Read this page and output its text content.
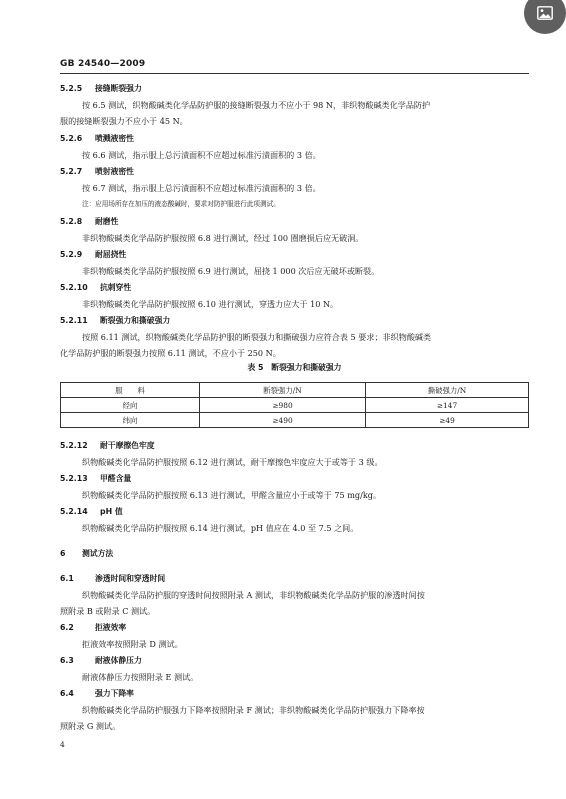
GB 24540—2009
5.2.5 接缝断裂强力
按 6.5 测试，织物酸碱类化学品防护服的接缝断裂强力不应小于 98 N，非织物酸碱类化学品防护
服的接缝断裂强力不应小于 45 N。
5.2.6 喷溅液密性
按 6.6 测试，指示服上总污渍面积不应超过标准污渍面积的 3 倍。
5.2.7 喷射液密性
按 6.7 测试，指示服上总污渍面积不应超过标准污渍面积的 3 倍。
注：应用场所存在加压的液态酸碱时，要求对防护服进行此项测试。
5.2.8 耐磨性
非织物酸碱类化学品防护服按照 6.8 进行测试，经过 100 圈磨损后应无破洞。
5.2.9 耐屈挠性
非织物酸碱类化学品防护服按照 6.9 进行测试，屈挠 1 000 次后应无破坏或断裂。
5.2.10 抗刺穿性
非织物酸碱类化学品防护服按照 6.10 进行测试，穿透力应大于 10 N。
5.2.11 断裂强力和撕破强力
按照 6.11 测试，织物酸碱类化学品防护服的断裂强力和撕破强力应符合表 5 要求；非织物酸碱类
化学品防护服的断裂强力按照 6.11 测试，不应小于 250 N。
表 5　断裂强力和撕破强力
服　　料	断裂强力/N	撕破强力/N
经向	≥980	≥147
纬向	≥490	≥49
5.2.12 耐干摩擦色牢度
织物酸碱类化学品防护服按照 6.12 进行测试，耐干摩擦色牢度应大于或等于 3 级。
5.2.13 甲醛含量
织物酸碱类化学品防护服按照 6.13 进行测试，甲醛含量应小于或等于 75 mg/kg。
5.2.14 pH 值
织物酸碱类化学品防护服按照 6.14 进行测试，pH 值应在 4.0 至 7.5 之间。
6 测试方法
6.1	渗透时间和穿透时间
织物酸碱类化学品防护服的穿透时间按照附录 A 测试，非织物酸碱类化学品防护服的渗透时间按
照附录 B 或附录 C 测试。
6.2	拒液效率
拒液效率按照附录 D 测试。
6.3	耐液体静压力
耐液体静压力按照附录 E 测试。
6.4	强力下降率
织物酸碱类化学品防护服强力下降率按照附录 F 测试；非织物酸碱类化学品防护服强力下降率按
照附录 G 测试。
4
